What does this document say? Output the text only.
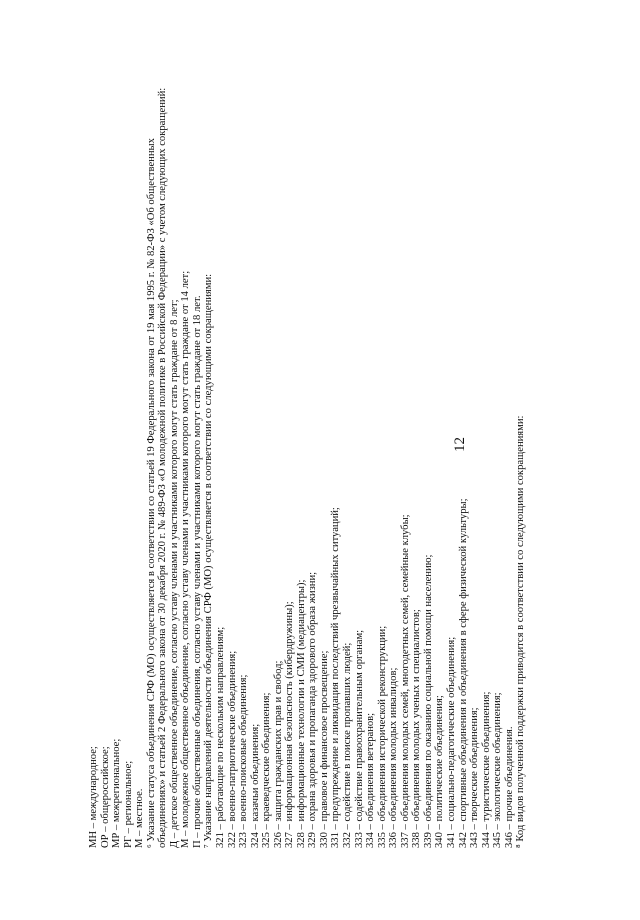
12
МН – международное; ОР – общероссийское; МР – межрегиональное; РГ – региональное; М – местное. ⁶ Указание статуса объединения СРФ (МО) осуществляется в соответствии со статьей 19 Федерального закона от 19 мая 1995 г. № 82-ФЗ «Об общественных объединениях» и статьей 2 Федерального закона от 30 декабря 2020 г. № 489-ФЗ «О молодежной политике в Российской Федерации» с учетом следующих сокращений: Д – детское общественное объединение, согласно уставу членами и участниками которого могут стать граждане от 8 лет; М – молодежное общественное объединение, согласно уставу членами и участниками которого могут стать граждане от 14 лет; П – прочие общественные объединения, согласно уставу членами и участниками которого могут стать граждане от 18 лет. ⁷ Указание направлений деятельности объединения СРФ (МО) осуществляется в соответствии со следующими сокращениями: 321 – работающие по нескольким направлениям; 322 – военно-патриотические объединения; 323 – военно-поисковые объединения; 324 – казачьи объединения; 325 – краеведческие объединения; 326 – защита гражданских прав и свобод; 327 – информационная безопасность (кибердружины); 328 – информационные технологии и СМИ (медиацентры); 329 – охрана здоровья и пропаганда здорового образа жизни; 330 – правовое и финансовое просвещение; 331 – предупреждение и ликвидация последствий чрезвычайных ситуаций; 332 – содействие в поиске пропавших людей; 333 – содействие правоохранительным органам; 334 – объединения ветеранов; 335 – объединения исторической реконструкции; 336 – объединения молодых инвалидов; 337 – объединения молодых семей, многодетных семей, семейные клубы; 338 – объединения молодых ученых и специалистов; 339 – объединения по оказанию социальной помощи населению; 340 – политические объединения; 341 – социально-педагогические объединения; 342 – спортивные объединения и объединения в сфере физической культуры; 343 – творческие объединения; 344 – туристические объединения; 345 – экологические объединения; 346 – прочие объединения. ⁸ Код видов полученной поддержки приводится в соответствии со следующими сокращениями:
